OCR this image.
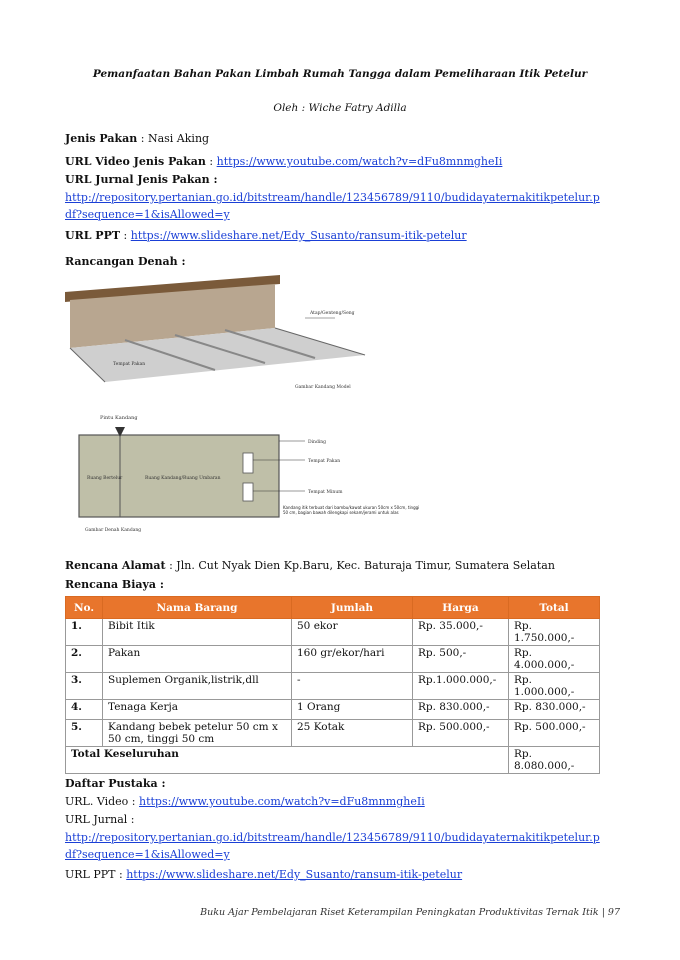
Pemanfaatan Bahan Pakan Limbah Rumah Tangga dalam Pemeliharaan Itik Petelur
Oleh : Wiche Fatry Adilla
Jenis Pakan : Nasi Aking
URL Video Jenis Pakan : https://www.youtube.com/watch?v=dFu8mnmgheIi
URL Jurnal Jenis Pakan :
http://repository.pertanian.go.id/bitstream/handle/123456789/9110/budidayaternakitikpetelur.pdf?sequence=1&isAllowed=y
URL PPT : https://www.slideshare.net/Edy_Susanto/ransum-itik-petelur
Rancangan Denah :
Atap/Genteng/Seng
Tempat Pakan
Gambar Kandang Model
Pintu Kandang
Ruang Bertelur	Ruang Kandang/Ruang Umbaran
Dinding
Tempat Pakan
Tempat Minum
Gambar Denah Kandang
Kandang itik terbuat dari bambu/kawat ukuran 50cm x 50cm, tinggi 50 cm, bagian bawah dilengkapi sekam/jerami untuk alas
Rencana Alamat : Jln. Cut Nyak Dien Kp.Baru, Kec. Baturaja Timur, Sumatera Selatan
Rencana Biaya :
No.	Nama Barang	Jumlah	Harga	Total
1.	Bibit Itik	50 ekor	Rp. 35.000,-	Rp. 1.750.000,-
2.	Pakan	160 gr/ekor/hari	Rp. 500,-	Rp. 4.000.000,-
3.	Suplemen Organik,listrik,dll	-	Rp.1.000.000,-	Rp. 1.000.000,-
4.	Tenaga Kerja	1 Orang	Rp. 830.000,-	Rp. 830.000,-
5.	Kandang bebek petelur 50 cm x 50 cm, tinggi 50 cm	25 Kotak	Rp. 500.000,-	Rp. 500.000,-
Total Keseluruhan				Rp. 8.080.000,-
Daftar Pustaka :
URL. Video : https://www.youtube.com/watch?v=dFu8mnmgheIi
URL Jurnal :
http://repository.pertanian.go.id/bitstream/handle/123456789/9110/budidayaternakitikpetelur.pdf?sequence=1&isAllowed=y
URL PPT : https://www.slideshare.net/Edy_Susanto/ransum-itik-petelur
Buku Ajar Pembelajaran Riset Keterampilan Peningkatan Produktivitas Ternak Itik | 97
